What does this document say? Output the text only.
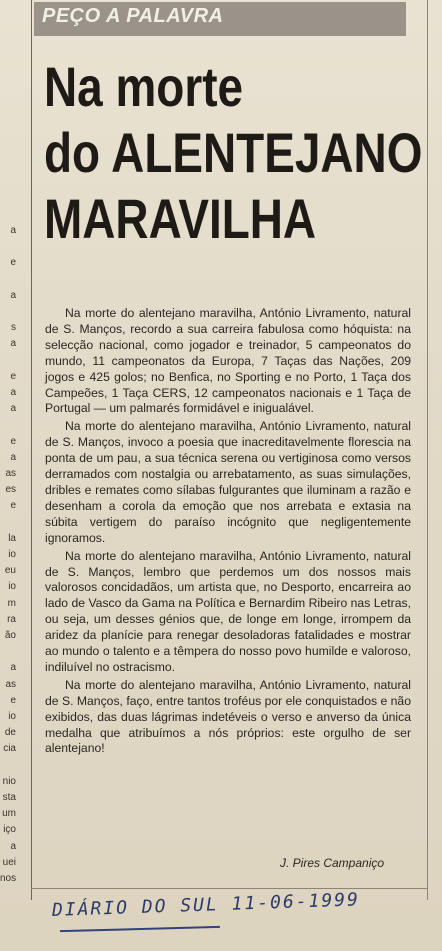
a
e
a
s
a
e
a
a
e
a
as
es
e
la
io
eu
io
m
ra
ão
a
as
e
io
de
cia
nio
sta
um
iço
a
uei
nos
PEÇO A PALAVRA
Na morte
do ALENTEJANO
MARAVILHA

Na morte do alentejano maravilha, António Livramento, natural de S. Manços, recordo a sua carreira fabulosa como hóquista: na selecção nacional, como jogador e treinador, 5 campeonatos do mundo, 11 campeonatos da Europa, 7 Taças das Nações, 209 jogos e 425 golos; no Benfica, no Sporting e no Porto, 1 Taça dos Campeões, 1 Taça CERS, 12 campeonatos nacionais e 1 Taça de Portugal — um palmarés formidável e inigualável.

Na morte do alentejano maravilha, António Livramento, natural de S. Manços, invoco a poesia que inacreditavelmente florescia na ponta de um pau, a sua técnica serena ou vertiginosa como versos derramados com nostalgia ou arrebatamento, as suas simulações, dribles e remates como sílabas fulgurantes que iluminam a razão e desenham a corola da emoção que nos arrebata e extasia na súbita vertigem do paraíso incógnito que negligentemente ignoramos.

Na morte do alentejano maravilha, António Livramento, natural de S. Manços, lembro que perdemos um dos nossos mais valorosos concidadãos, um artista que, no Desporto, encarreira ao lado de Vasco da Gama na Política e Bernardim Ribeiro nas Letras, ou seja, um desses génios que, de longe em longe, irrompem da aridez da planície para renegar desoladoras fatalidades e mostrar ao mundo o talento e a têmpera do nosso povo humilde e valoroso, indiluível no ostracismo.

Na morte do alentejano maravilha, António Livramento, natural de S. Manços, faço, entre tantos troféus por ele conquistados e não exibidos, das duas lágrimas indetéveis o verso e anverso da única medalha que atribuímos a nós próprios: este orgulho de ser alentejano!

J. Pires Campaniço
DIÁRIO DO SUL 11-06-1999
